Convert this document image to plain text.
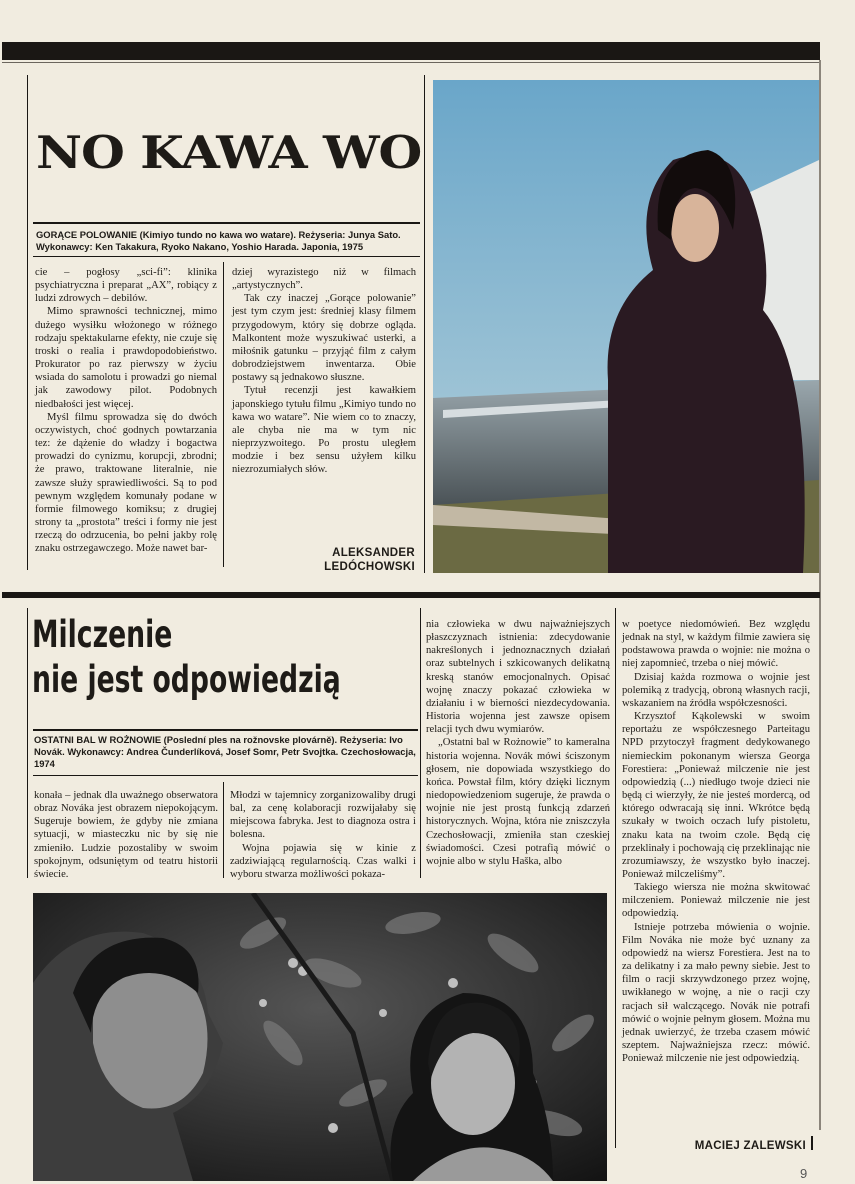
NO KAWA WO
GORĄCE POLOWANIE (Kimiyo tundo no kawa wo watare). Reżyseria: Junya Sato. Wykonawcy: Ken Takakura, Ryoko Nakano, Yoshio Harada. Japonia, 1975

cie – pogłosy „sci-fi”: klinika psychiatryczna i preparat „AX”, robiący z ludzi zdrowych – debilów.

Mimo sprawności technicznej, mimo dużego wysiłku włożonego w różnego rodzaju spektakularne efekty, nie czuje się troski o realia i prawdopodobieństwo. Prokurator po raz pierwszy w życiu wsiada do samolotu i prowadzi go niemal jak zawodowy pilot. Podobnych niedbałości jest więcej.

Myśl filmu sprowadza się do dwóch oczywistych, choć godnych powtarzania tez: że dążenie do władzy i bogactwa prowadzi do cynizmu, korupcji, zbrodni; że prawo, traktowane literalnie, nie zawsze służy sprawiedliwości. Są to pod pewnym względem komunały podane w formie filmowego komiksu; z drugiej strony ta „prostota” treści i formy nie jest rzeczą do odrzucenia, bo pełni jakby rolę znaku ostrzegawczego. Może nawet bar-

dziej wyrazistego niż w filmach „artystycznych”.

Tak czy inaczej „Gorące polowanie” jest tym czym jest: średniej klasy filmem przygodowym, który się dobrze ogląda. Malkontent może wyszukiwać usterki, a miłośnik gatunku – przyjąć film z całym dobrodziejstwem inwentarza. Obie postawy są jednakowo słuszne.

Tytuł recenzji jest kawałkiem japonskiego tytułu filmu „Kimiyo tundo no kawa wo watare”. Nie wiem co to znaczy, ale chyba nie ma w tym nic nieprzyzwoitego. Po prostu uległem modzie i bez sensu użyłem kilku niezrozumiałych słów.

ALEKSANDER
LEDÓCHOWSKI
Milczenie
nie jest odpowiedzią
OSTATNI BAL W ROŻNOWIE (Poslední ples na rožnovske plovárně). Reżyseria: Ivo Novák. Wykonawcy: Andrea Čunderlíková, Josef Somr, Petr Svojtka. Czechosłowacja, 1974

konała – jednak dla uważnego obserwatora obraz Nováka jest obrazem niepokojącym. Sugeruje bowiem, że gdyby nie zmiana sytuacji, w miasteczku nic by się nie zmieniło. Ludzie pozostaliby w swoim spokojnym, odsuniętym od teatru historii świecie.

Młodzi w tajemnicy zorganizowaliby drugi bal, za cenę kolaboracji rozwijałaby się miejscowa fabryka. Jest to diagnoza ostra i bolesna.

Wojna pojawia się w kinie z zadziwiającą regularnością. Czas walki i wyboru stwarza możliwości pokaza-

nia człowieka w dwu najważniejszych płaszczyznach istnienia: zdecydowanie nakreślonych i jednoznacznych działań oraz subtelnych i szkicowanych delikatną kreską stanów emocjonalnych. Opisać wojnę znaczy pokazać człowieka w działaniu i w bierności niezdecydowania. Historia wojenna jest zawsze opisem relacji tych dwu wymiarów.

„Ostatni bal w Rożnowie” to kameralna historia wojenna. Novák mówi ściszonym głosem, nie dopowiada wszystkiego do końca. Powstał film, który dzięki licznym niedopowiedzeniom sugeruje, że prawda o wojnie nie jest prostą funkcją zdarzeń historycznych. Wojna, która nie zniszczyła Czechosłowacji, zmieniła stan czeskiej świadomości. Czesi potrafią mówić o wojnie albo w stylu Haška, albo

w poetyce niedomówień. Bez względu jednak na styl, w każdym filmie zawiera się podstawowa prawda o wojnie: nie można o niej zapomnieć, trzeba o niej mówić.

Dzisiaj każda rozmowa o wojnie jest polemiką z tradycją, obroną własnych racji, wskazaniem na źródła współczesności.

Krzysztof Kąkolewski w swoim reportażu ze współczesnego Parteitagu NPD przytoczył fragment dedykowanego niemieckim pokonanym wiersza Georga Forestiera: „Ponieważ milczenie nie jest odpowiedzią (...) niedługo twoje dzieci nie będą ci wierzyły, że nie jesteś mordercą, od którego odwracają się inni. Wkrótce będą szukały w twoich oczach lufy pistoletu, znaku kata na twoim czole. Będą cię przeklinały i pochowają cię przeklinając nie zrozumiawszy, że wszystko było inaczej. Ponieważ milczeliśmy”.

Takiego wiersza nie można skwitować milczeniem. Ponieważ milczenie nie jest odpowiedzią.

Istnieje potrzeba mówienia o wojnie. Film Nováka nie może być uznany za odpowiedź na wiersz Forestiera. Jest na to za delikatny i za mało pewny siebie. Jest to film o racji skrzywdzonego przez wojnę, uwikłanego w wojnę, a nie o racji czy racjach sił walczącego. Novák nie potrafi mówić o wojnie pełnym głosem. Można mu jednak uwierzyć, że trzeba czasem mówić szeptem. Najważniejsza rzecz: mówić. Ponieważ milczenie nie jest odpowiedzią.

MACIEJ ZALEWSKI
9
